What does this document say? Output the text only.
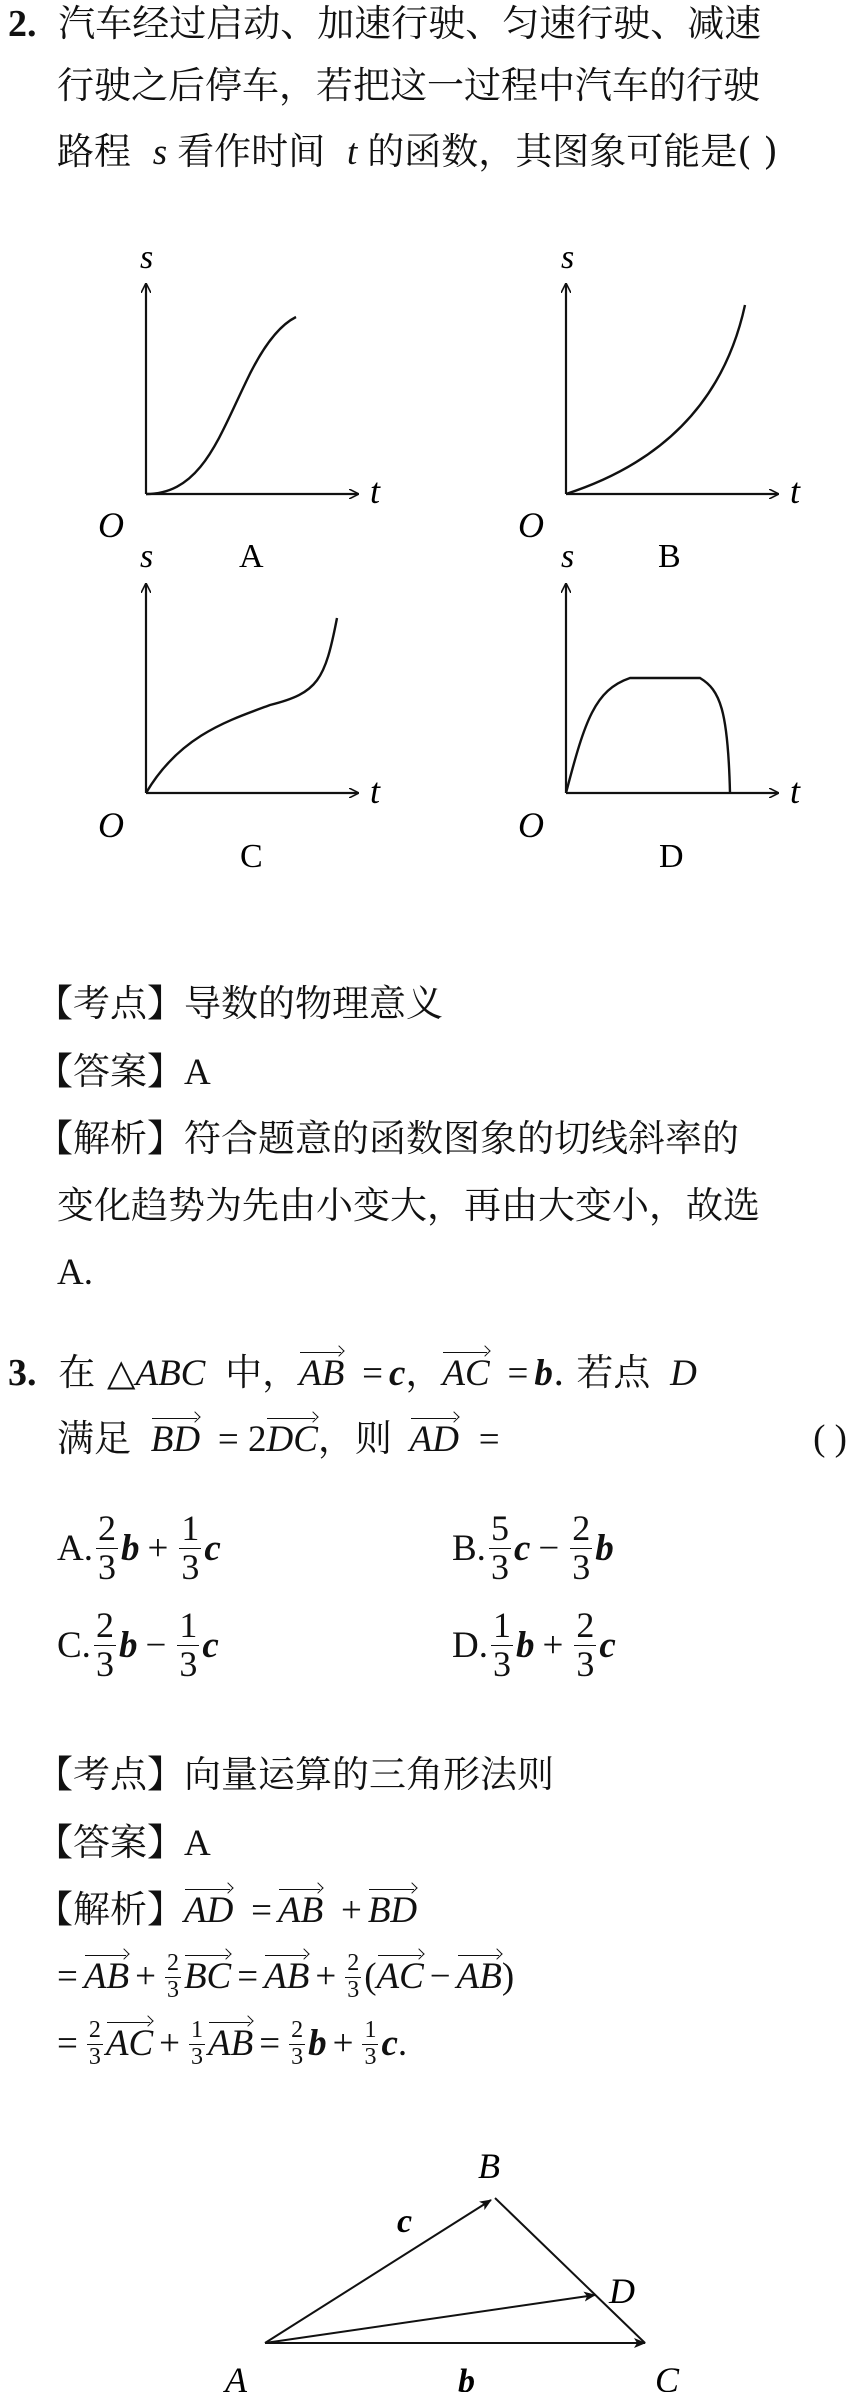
2. 汽车经过启动、加速行驶、匀速行驶、减速
行驶之后停车，若把这一过程中汽车的行驶
路程 s 看作时间 t 的函数，其图象可能是( )
s
t
O
A
s
t
O
B
s
t
O
C
s
t
O
D
【考点】导数的物理意义
【答案】A
【解析】符合题意的函数图象的切线斜率的
变化趋势为先由小变大，再由大变小，故选
A.
3. 在 △ABC 中，AB = c，AC = b. 若点 D
满足 BD = 2DC，则 AD =	( )
A. $\frac{2}{3}$ $b + \frac{1}{3}$ c	B. $\frac{5}{3}$ $c - \frac{2}{3}$ b
C. $\frac{2}{3}$ $b - \frac{1}{3}$ c	D. $\frac{1}{3}$ $b + \frac{2}{3}$ c
【考点】向量运算的三角形法则
【答案】A
【解析】AD = AB + BD
= AB + $\frac{2}{3}$ BC = AB + $\frac{2}{3}$ ( AC − AB )
= $\frac{2}{3}$ AC + $\frac{1}{3}$ AB = $\frac{2}{3}$ $b + \frac{1}{3}$ c .
A
B
C
D
c
b
